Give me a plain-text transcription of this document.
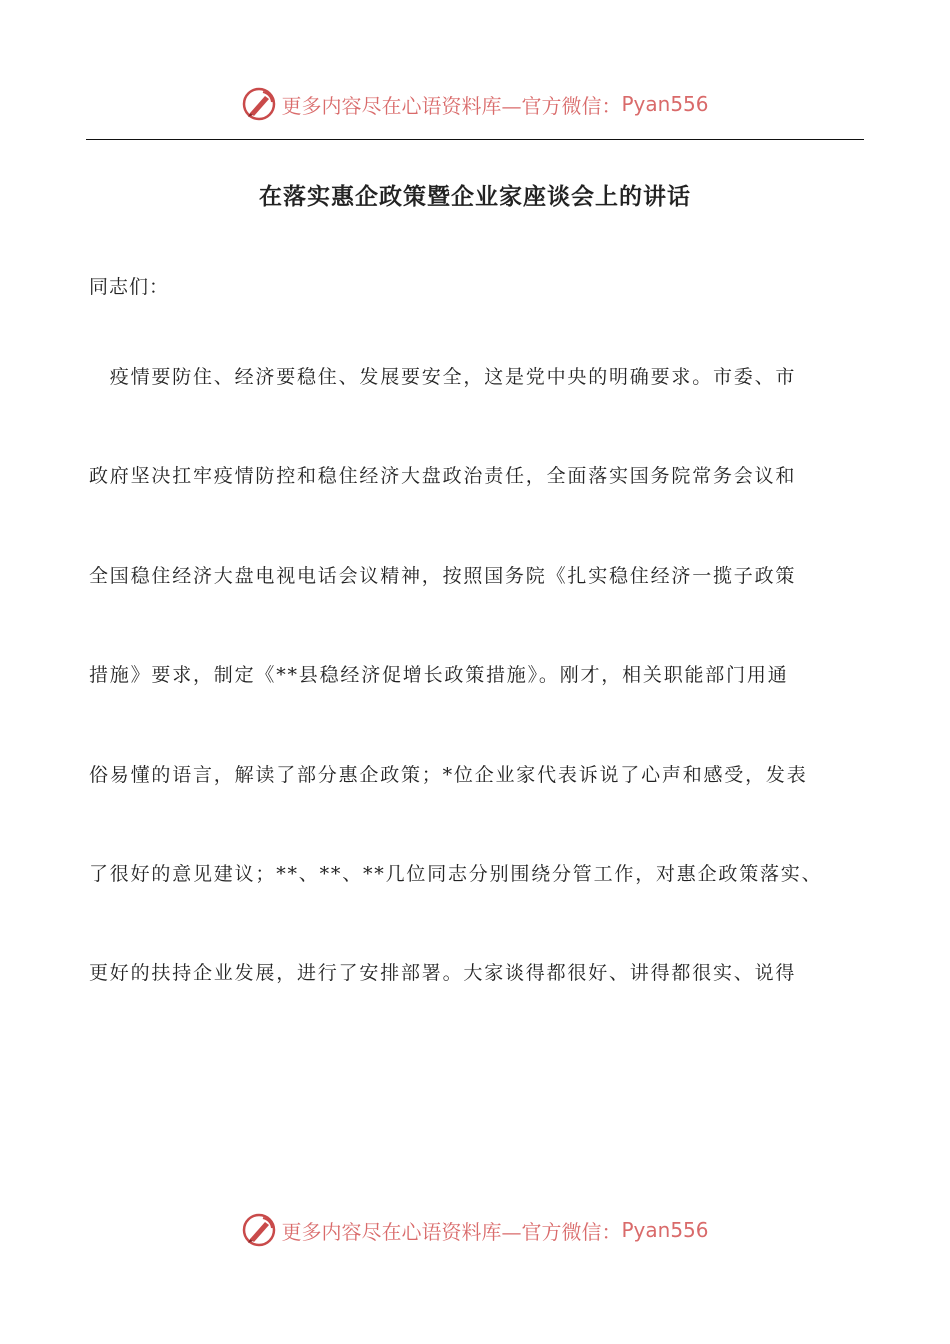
更多内容尽在心语资料库—官方微信： Pyan556
在落实惠企政策暨企业家座谈会上的讲话
同志们：
　疫情要防住、经济要稳住、发展要安全，这是党中央的明确要求。市委、市
政府坚决扛牢疫情防控和稳住经济大盘政治责任，全面落实国务院常务会议和
全国稳住经济大盘电视电话会议精神，按照国务院《扎实稳住经济一揽子政策
措施》要求，制定《**县稳经济促增长政策措施》。刚才，相关职能部门用通
俗易懂的语言，解读了部分惠企政策；*位企业家代表诉说了心声和感受，发表
了很好的意见建议；**、**、**几位同志分别围绕分管工作，对惠企政策落实、
更好的扶持企业发展，进行了安排部署。大家谈得都很好、讲得都很实、说得
更多内容尽在心语资料库—官方微信： Pyan556
